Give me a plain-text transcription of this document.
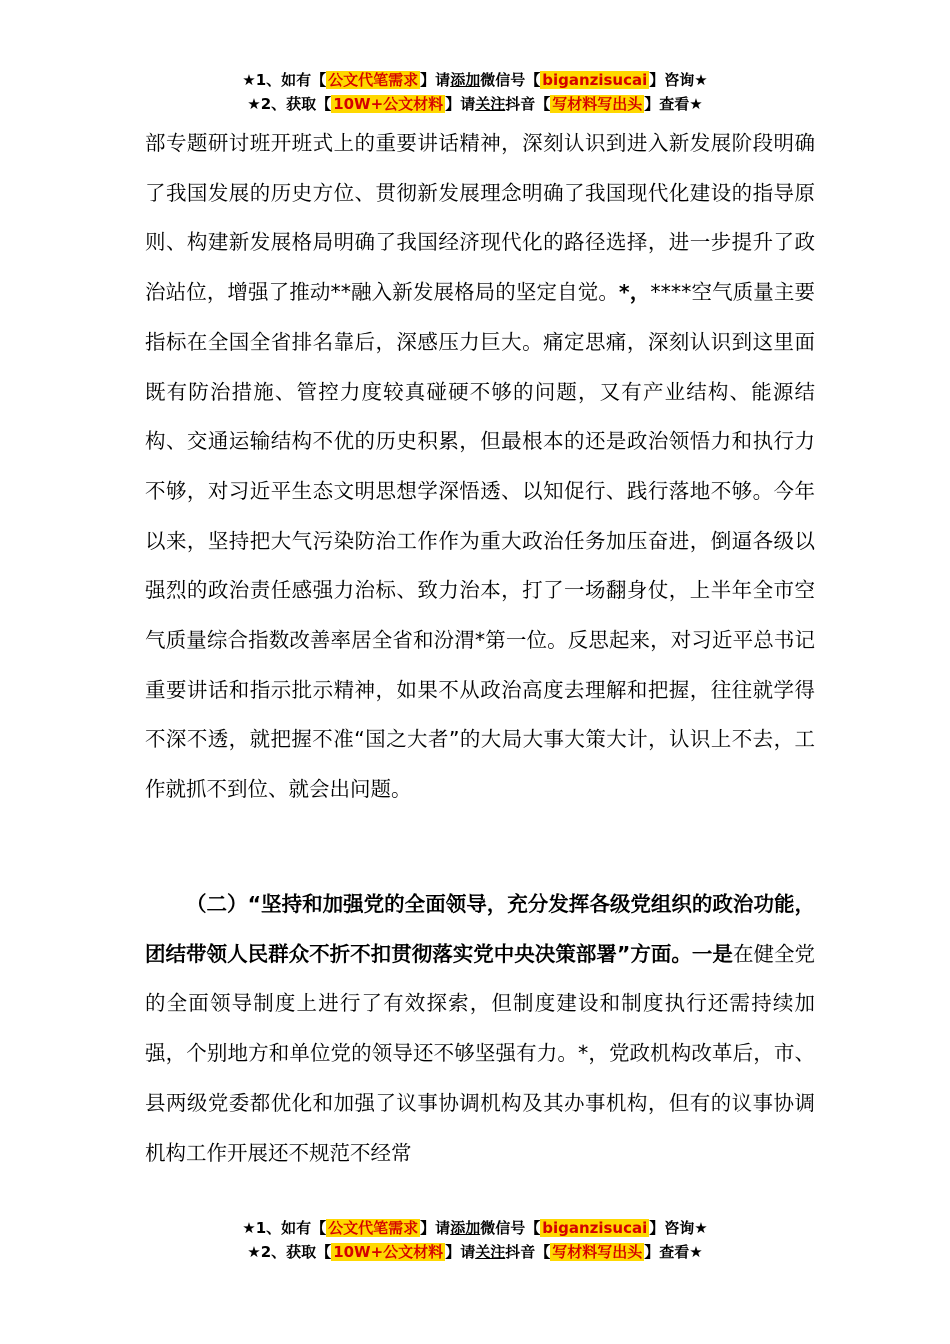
★1、如有【 公文代笔需求 】请添加微信号【 biganzisucai 】咨询★
★2、获取【 10W+公文材料 】请关注抖音【 写材料写出头 】查看★

部专题研讨班开班式上的重要讲话精神，深刻认识到进入新发展阶段明确了我国发展的历史方位、贯彻新发展理念明确了我国现代化建设的指导原则、构建新发展格局明确了我国经济现代化的路径选择，进一步提升了政治站位，增强了推动**融入新发展格局的坚定自觉。*，****空气质量主要指标在全国全省排名靠后，深感压力巨大。痛定思痛，深刻认识到这里面既有防治措施、管控力度较真碰硬不够的问题，又有产业结构、能源结构、交通运输结构不优的历史积累，但最根本的还是政治领悟力和执行力不够，对习近平生态文明思想学深悟透、以知促行、践行落地不够。今年以来，坚持把大气污染防治工作作为重大政治任务加压奋进，倒逼各级以强烈的政治责任感强力治标、致力治本，打了一场翻身仗，上半年全市空气质量综合指数改善率居全省和汾渭*第一位。反思起来，对习近平总书记重要讲话和指示批示精神，如果不从政治高度去理解和把握，往往就学得不深不透，就把握不准“国之大者”的大局大事大策大计，认识上不去，工作就抓不到位、就会出问题。

（二）“坚持和加强党的全面领导，充分发挥各级党组织的政治功能，团结带领人民群众不折不扣贯彻落实党中央决策部署”方面。一是在健全党的全面领导制度上进行了有效探索，但制度建设和制度执行还需持续加强，个别地方和单位党的领导还不够坚强有力。*，党政机构改革后，市、县两级党委都优化和加强了议事协调机构及其办事机构，但有的议事协调机构工作开展还不规范不经常

★1、如有【 公文代笔需求 】请添加微信号【 biganzisucai 】咨询★
★2、获取【 10W+公文材料 】请关注抖音【 写材料写出头 】查看★
